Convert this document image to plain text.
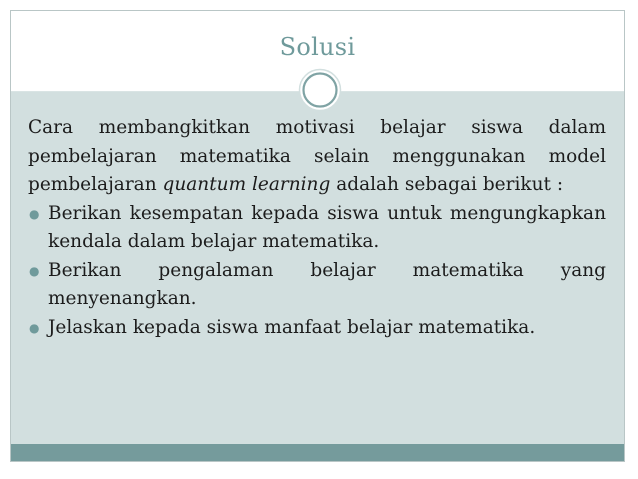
Solusi

Cara membangkitkan motivasi belajar siswa dalam pembelajaran matematika selain menggunakan model pembelajaran quantum learning adalah sebagai berikut :

● Berikan kesempatan kepada siswa untuk mengungkapkan kendala dalam belajar matematika.
● Berikan pengalaman belajar matematika yang menyenangkan.
● Jelaskan kepada siswa manfaat belajar matematika.
